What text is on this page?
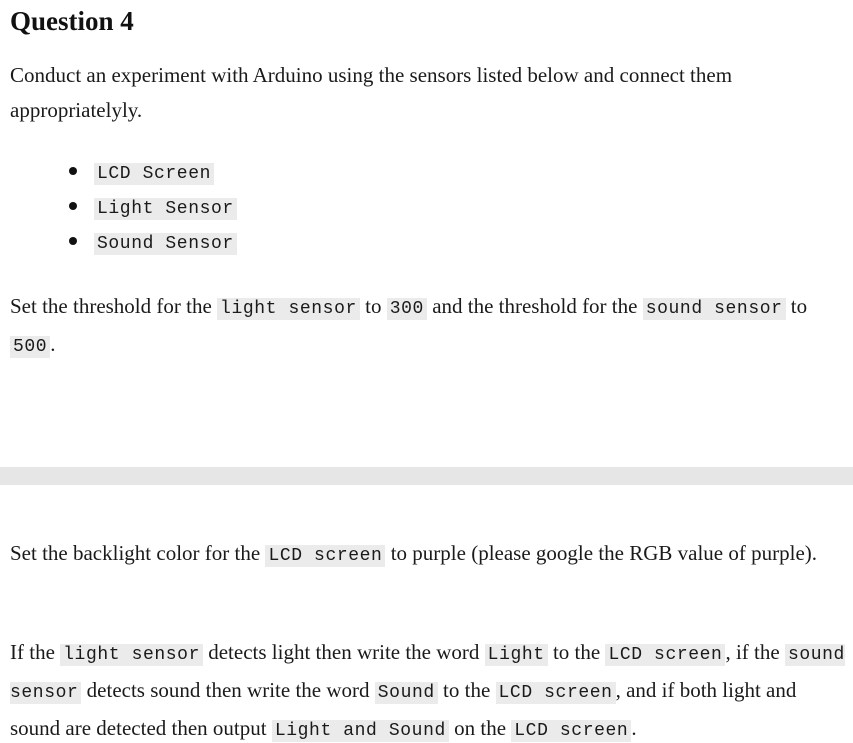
Question 4

Conduct an experiment with Arduino using the sensors listed below and connect them appropriatelyly.

LCD Screen
Light Sensor
Sound Sensor

Set the threshold for the light sensor to 300 and the threshold for the sound sensor to 500 .

Set the backlight color for the LCD screen to purple (please google the RGB value of purple).

If the light sensor detects light then write the word Light to the LCD screen , if the sound sensor detects sound then write the word Sound to the LCD screen , and if both light and sound are detected then output Light and Sound on the LCD screen .
